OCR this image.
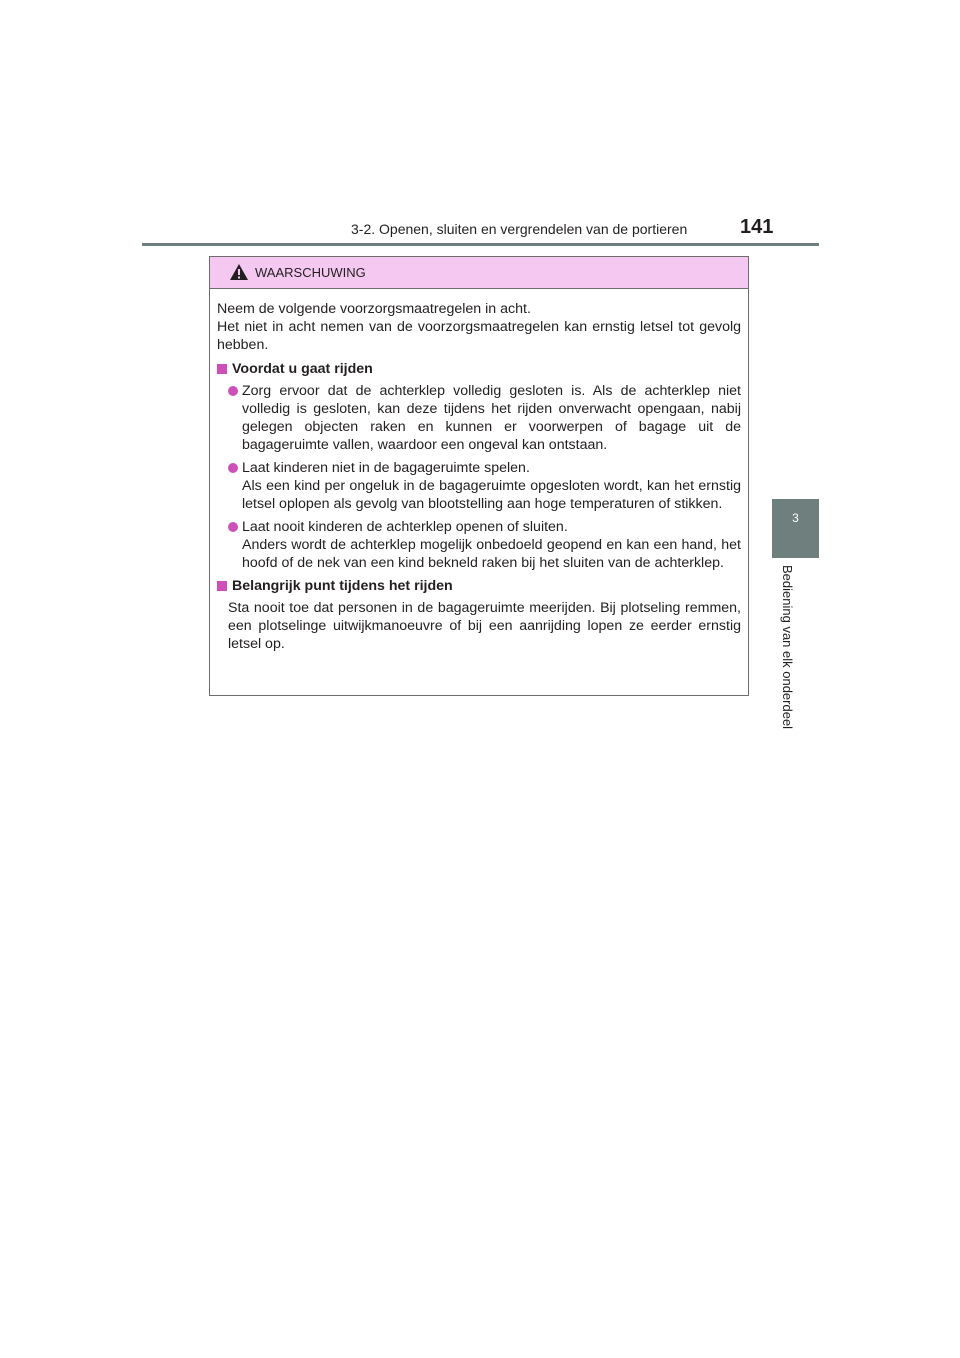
3-2. Openen, sluiten en vergrendelen van de portieren	141
3
Bediening van elk onderdeel
WAARSCHUWING

Neem de volgende voorzorgsmaatregelen in acht.

Het niet in acht nemen van de voorzorgsmaatregelen kan ernstig letsel tot gevolg hebben.

Voordat u gaat rijden
Zorg ervoor dat de achterklep volledig gesloten is. Als de achterklep niet volledig is gesloten, kan deze tijdens het rijden onverwacht opengaan, nabij gelegen objecten raken en kunnen er voorwerpen of bagage uit de bagageruimte vallen, waardoor een ongeval kan ontstaan.
Laat kinderen niet in de bagageruimte spelen.
Als een kind per ongeluk in de bagageruimte opgesloten wordt, kan het ernstig letsel oplopen als gevolg van blootstelling aan hoge temperaturen of stikken.
Laat nooit kinderen de achterklep openen of sluiten.
Anders wordt de achterklep mogelijk onbedoeld geopend en kan een hand, het hoofd of de nek van een kind bekneld raken bij het sluiten van de achterklep.
Belangrijk punt tijdens het rijden

Sta nooit toe dat personen in de bagageruimte meerijden. Bij plotseling remmen, een plotselinge uitwijkmanoeuvre of bij een aanrijding lopen ze eerder ernstig letsel op.
